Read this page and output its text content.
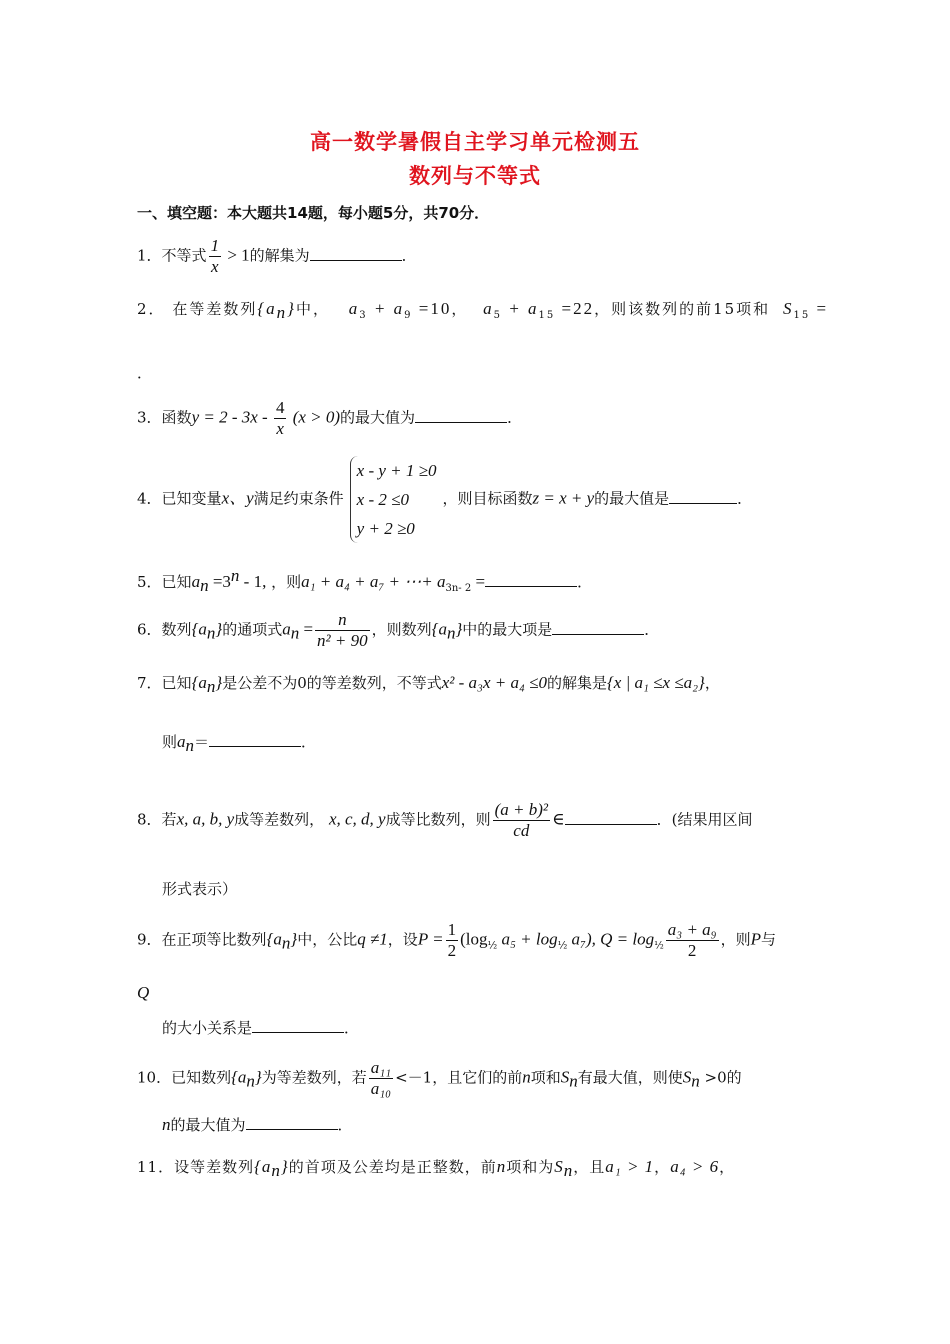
高一数学暑假自主学习单元检测五
数列与不等式
一、填空题：本大题共14题，每小题5分，共70分．
1．不等式 $\frac{1}{x} > 1$的解集为	．
2． 在等差数列$\{a_n\}$中， $a_3 + a_9 =10$， $a_5 + a_{15} =22$，则该数列的前15项和 $S_{15}$ =
．
3．函数$y = 2 - 3x - \frac{4}{x} (x > 0)$的最大值为	．
4．已知变量x、y满足约束条件
x - y + 1 ≥0
x - 2 ≤0
y + 2 ≥0
，则目标函数z = x + y的最大值是	．
5．已知$a_n =3^n - 1$, ，则a₁ + a₄ + a₇ + ⋯+ $a_{3n- 2}$ =	．
6．数列$\{a_n\}$的通项式$a_n = \frac{n}{\text{n² + 90}}$ ，则数列$\{a_n\}$中的最大项是	．
7．已知$\{a_n\}$是公差不为0的等差数列，不等式x² - a₃x + a₄ ≤0的解集是{x | a₁ ≤x ≤a₂}，
则$a_n=$	．
8．若x, a, b, y成等差数列， x, c, d, y成等比数列，则 $\frac{\text{(a + b)²}}{cd}$ ∈	．(结果用区间
形式表示）
9．在正项等比数列$\{a_n\}$中，公比q ≠1，设$P = \frac{1}{2} (\log_{\frac{1}{2}}$ $a_5 + \log_{\frac{1}{2}} a_7$), $Q = \log_{\frac{1}{2}} \frac{\text{a₃ + a₉}}{2}$ ，则P与
Q
的大小关系是	．
10．已知数列$\{a_n\}$为等差数列，若 $\frac{\text{a₁₁}}{\text{a₁₀}} <-1$，且它们的前n项和$S_n$有最大值，则使$S_n >0$的
n的最大值为	．
11．设等差数列$\{a_n\}$的首项及公差均是正整数，前n项和为$S_n$，且a₁ > 1，a₄ > 6，
